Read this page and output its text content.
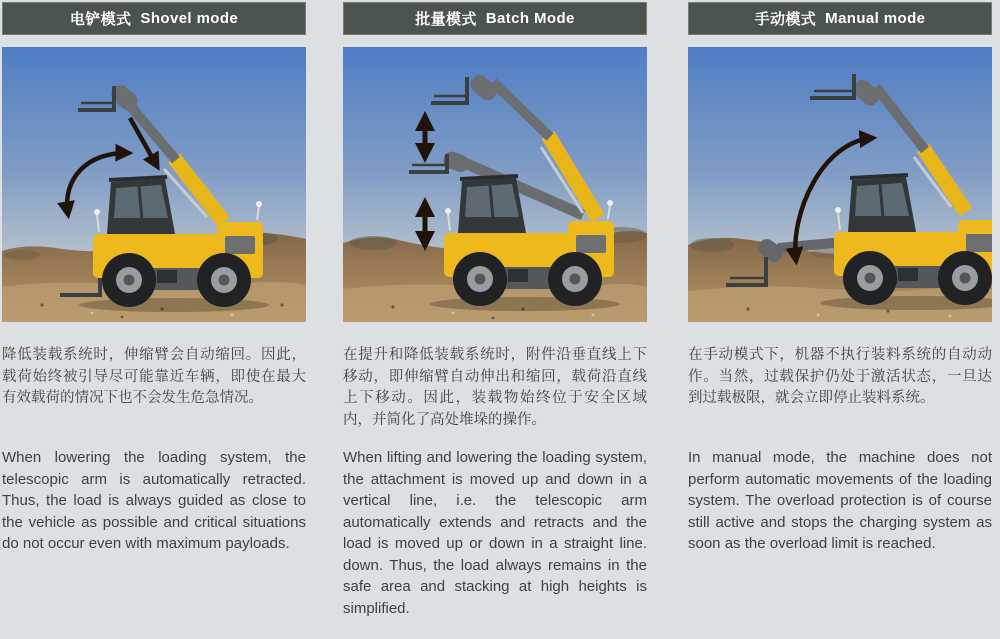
电铲模式 Shovel mode

降低装载系统时，伸缩臂会自动缩回。因此，载荷始终被引导尽可能靠近车辆，即使在最大有效载荷的情况下也不会发生危急情况。

When lowering the loading system, the telescopic arm is automatically retracted. Thus, the load is always guided as close to the vehicle as possible and critical situations do not occur even with maximum payloads.

批量模式 Batch Mode

在提升和降低装载系统时，附件沿垂直线上下移动，即伸缩臂自动伸出和缩回，载荷沿直线上下移动。因此，装载物始终位于安全区域内，并简化了高处堆垛的操作。

When lifting and lowering the loading system, the attachment is moved up and down in a vertical line, i.e. the telescopic arm automatically extends and retracts and the load is moved up or down in a straight line. down. Thus, the load always remains in the safe area and stacking at high heights is simplified.

手动模式 Manual mode

在手动模式下，机器不执行装料系统的自动动作。当然，过载保护仍处于激活状态，一旦达到过载极限，就会立即停止装料系统。

In manual mode, the machine does not perform automatic movements of the loading system. The overload protection is of course still active and stops the charging system as soon as the overload limit is reached.
